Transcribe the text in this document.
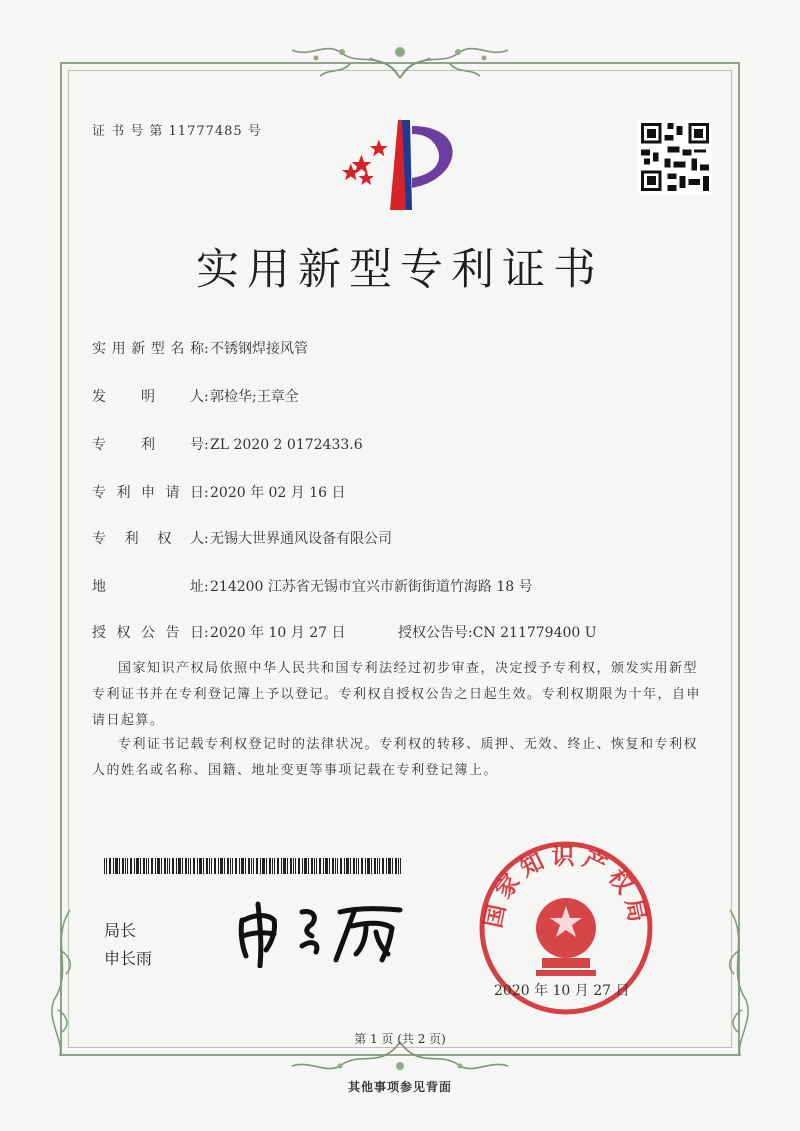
证 书 号 第 11777485 号
实用新型专利证书
实用新型名称:不锈钢焊接风管
发明人:郭检华;王章全
专利号:ZL 2020 2 0172433.6
专利申请日:2020 年 02 月 16 日
专利权人:无锡大世界通风设备有限公司
地址:214200 江苏省无锡市宜兴市新街街道竹海路 18 号
授权公告日:2020 年 10 月 27 日	授权公告号:CN 211779400 U

国家知识产权局依照中华人民共和国专利法经过初步审查，决定授予专利权，颁发实用新型专利证书并在专利登记簿上予以登记。专利权自授权公告之日起生效。专利权期限为十年，自申请日起算。

专利证书记载专利权登记时的法律状况。专利权的转移、质押、无效、终止、恢复和专利权人的姓名或名称、国籍、地址变更等事项记载在专利登记簿上。

局长
申长雨
国家知识产权局
2020 年 10 月 27 日
第 1 页 (共 2 页)
其他事项参见背面
